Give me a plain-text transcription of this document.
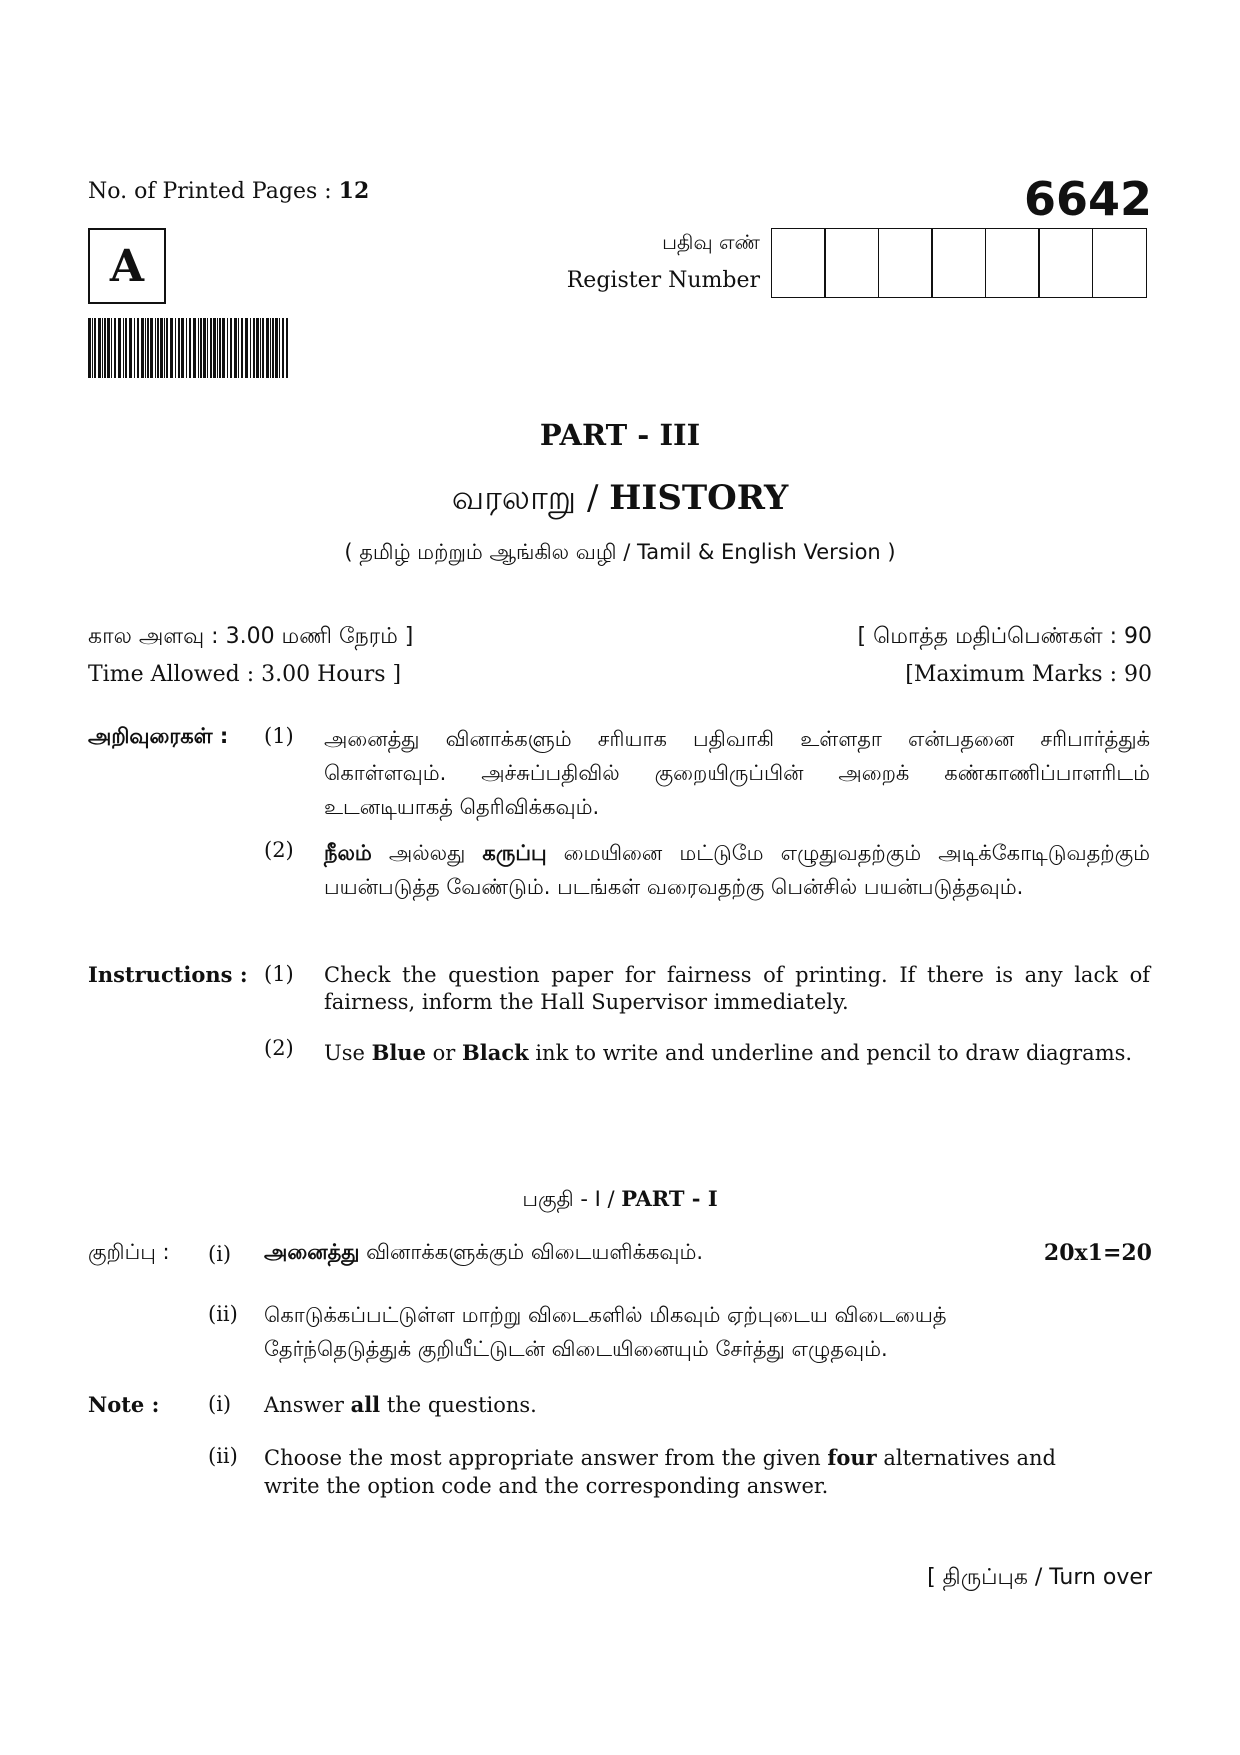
No. of Printed Pages : 12	6642
A	பதிவு எண்
Register Number
PART - III
வரலாறு / HISTORY
( தமிழ் மற்றும் ஆங்கில வழி / Tamil & English Version )
கால அளவு : 3.00 மணி நேரம் ]	[ மொத்த மதிப்பெண்கள் : 90
Time Allowed : 3.00 Hours ]	[Maximum Marks : 90
அறிவுரைகள் : (1) அனைத்து வினாக்களும் சரியாக பதிவாகி உள்ளதா என்பதனை சரிபார்த்துக் கொள்ளவும். அச்சுப்பதிவில் குறையிருப்பின் அறைக் கண்காணிப்பாளரிடம் உடனடியாகத் தெரிவிக்கவும்.
(2) நீலம் அல்லது கருப்பு மையினை மட்டுமே எழுதுவதற்கும் அடிக்கோடிடுவதற்கும் பயன்படுத்த வேண்டும். படங்கள் வரைவதற்கு பென்சில் பயன்படுத்தவும்.
Instructions : (1) Check the question paper for fairness of printing. If there is any lack of fairness, inform the Hall Supervisor immediately.
(2) Use Blue or Black ink to write and underline and pencil to draw diagrams.
பகுதி - I / PART - I
குறிப்பு : (i) அனைத்து வினாக்களுக்கும் விடையளிக்கவும்.	20x1=20
(ii) கொடுக்கப்பட்டுள்ள மாற்று விடைகளில் மிகவும் ஏற்புடைய விடையைத் தேர்ந்தெடுத்துக் குறியீட்டுடன் விடையினையும் சேர்த்து எழுதவும்.
Note : (i) Answer all the questions.
(ii) Choose the most appropriate answer from the given four alternatives and write the option code and the corresponding answer.
[ திருப்புக / Turn over
